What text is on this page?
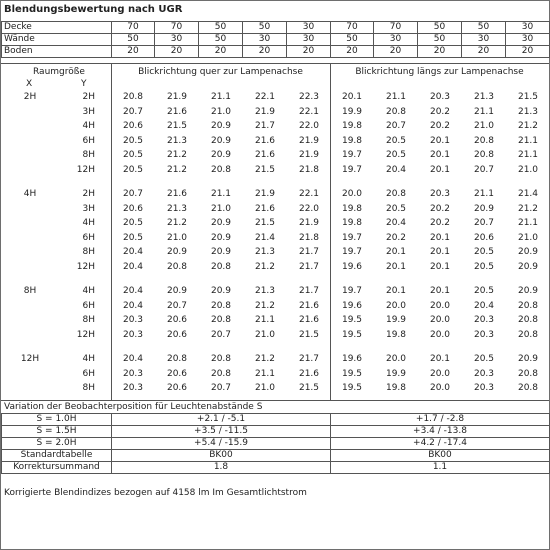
Blendungsbewertung nach UGR
Decke	70	70	50	50	30	70	70	50	50	30
Wände	50	30	50	30	30	50	30	50	30	30
Boden	20	20	20	20	20	20	20	20	20	20
Raumgröße
X	Y
Blickrichtung quer zur Lampenachse	Blickrichtung längs zur Lampenachse
2H	2H	20.8	21.9	21.1	22.1	22.3	20.1	21.1	20.3	21.3	21.5
3H	20.7	21.6	21.0	21.9	22.1	19.9	20.8	20.2	21.1	21.3
4H	20.6	21.5	20.9	21.7	22.0	19.8	20.7	20.2	21.0	21.2
6H	20.5	21.3	20.9	21.6	21.9	19.8	20.5	20.1	20.8	21.1
8H	20.5	21.2	20.9	21.6	21.9	19.7	20.5	20.1	20.8	21.1
12H	20.5	21.2	20.8	21.5	21.8	19.7	20.4	20.1	20.7	21.0
4H	2H	20.7	21.6	21.1	21.9	22.1	20.0	20.8	20.3	21.1	21.4
3H	20.6	21.3	21.0	21.6	22.0	19.8	20.5	20.2	20.9	21.2
4H	20.5	21.2	20.9	21.5	21.9	19.8	20.4	20.2	20.7	21.1
6H	20.5	21.0	20.9	21.4	21.8	19.7	20.2	20.1	20.6	21.0
8H	20.4	20.9	20.9	21.3	21.7	19.7	20.1	20.1	20.5	20.9
12H	20.4	20.8	20.8	21.2	21.7	19.6	20.1	20.1	20.5	20.9
8H	4H	20.4	20.9	20.9	21.3	21.7	19.7	20.1	20.1	20.5	20.9
6H	20.4	20.7	20.8	21.2	21.6	19.6	20.0	20.0	20.4	20.8
8H	20.3	20.6	20.8	21.1	21.6	19.5	19.9	20.0	20.3	20.8
12H	20.3	20.6	20.7	21.0	21.5	19.5	19.8	20.0	20.3	20.8
12H	4H	20.4	20.8	20.8	21.2	21.7	19.6	20.0	20.1	20.5	20.9
6H	20.3	20.6	20.8	21.1	21.6	19.5	19.9	20.0	20.3	20.8
8H	20.3	20.6	20.7	21.0	21.5	19.5	19.8	20.0	20.3	20.8
Variation der Beobachterposition für Leuchtenabstände S
S = 1.0H	+2.1 / -5.1	+1.7 / -2.8
S = 1.5H	+3.5 / -11.5	+3.4 / -13.8
S = 2.0H	+5.4 / -15.9	+4.2 / -17.4
Standardtabelle	BK00	BK00
Korrektursummand	1.8	1.1
Korrigierte Blendindizes bezogen auf 4158 lm Im Gesamtlichtstrom
